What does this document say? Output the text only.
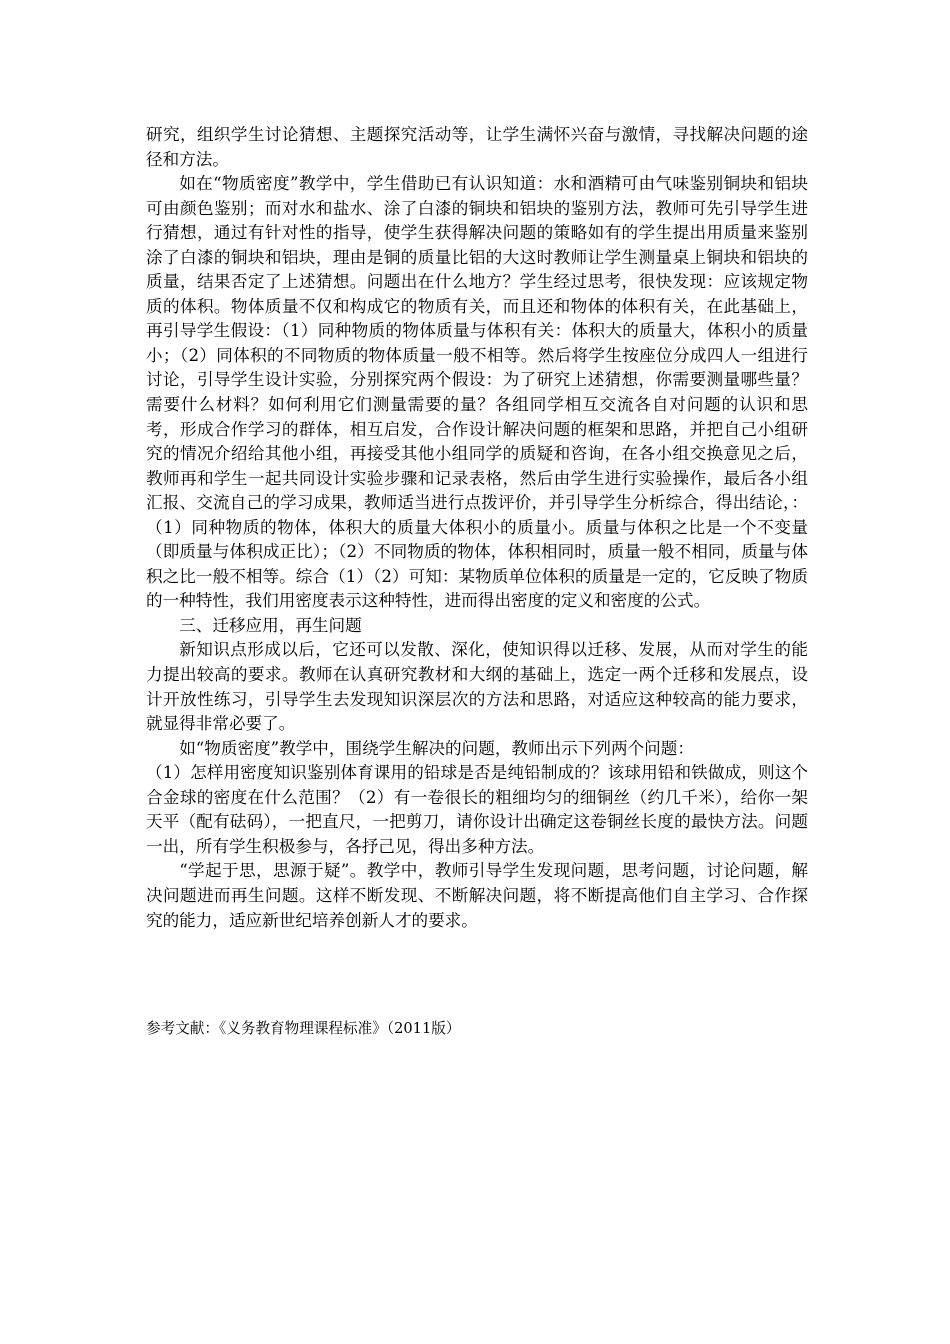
研究，组织学生讨论猜想、主题探究活动等，让学生满怀兴奋与激情，寻找解决问题的途径和方法。

如在“物质密度”教学中，学生借助已有认识知道：水和酒精可由气味鉴别铜块和铝块可由颜色鉴别；而对水和盐水、涂了白漆的铜块和铝块的鉴别方法，教师可先引导学生进行猜想，通过有针对性的指导，使学生获得解决问题的策略如有的学生提出用质量来鉴别涂了白漆的铜块和铝块，理由是铜的质量比铝的大这时教师让学生测量桌上铜块和铝块的质量，结果否定了上述猜想。问题出在什么地方？学生经过思考，很快发现：应该规定物质的体积。物体质量不仅和构成它的物质有关，而且还和物体的体积有关，在此基础上，再引导学生假设：（1）同种物质的物体质量与体积有关：体积大的质量大，体积小的质量小；（2）同体积的不同物质的物体质量一般不相等。然后将学生按座位分成四人一组进行讨论，引导学生设计实验，分别探究两个假设：为了研究上述猜想，你需要测量哪些量？需要什么材料？如何利用它们测量需要的量？各组同学相互交流各自对问题的认识和思考，形成合作学习的群体，相互启发，合作设计解决问题的框架和思路，并把自己小组研究的情况介绍给其他小组，再接受其他小组同学的质疑和咨询，在各小组交换意见之后，教师再和学生一起共同设计实验步骤和记录表格，然后由学生进行实验操作，最后各小组汇报、交流自己的学习成果，教师适当进行点拨评价，并引导学生分析综合，得出结论，：（1）同种物质的物体，体积大的质量大体积小的质量小。质量与体积之比是一个不变量（即质量与体积成正比）；（2）不同物质的物体，体积相同时，质量一般不相同，质量与体积之比一般不相等。综合（1）（2）可知：某物质单位体积的质量是一定的，它反映了物质的一种特性，我们用密度表示这种特性，进而得出密度的定义和密度的公式。

三、迁移应用，再生问题

新知识点形成以后，它还可以发散、深化，使知识得以迁移、发展，从而对学生的能力提出较高的要求。教师在认真研究教材和大纲的基础上，选定一两个迁移和发展点，设计开放性练习，引导学生去发现知识深层次的方法和思路，对适应这种较高的能力要求，就显得非常必要了。

如“物质密度”教学中，围绕学生解决的问题，教师出示下列两个问题：

（1）怎样用密度知识鉴别体育课用的铅球是否是纯铅制成的？该球用铅和铁做成，则这个合金球的密度在什么范围？（2）有一卷很长的粗细均匀的细铜丝（约几千米），给你一架天平（配有砝码），一把直尺，一把剪刀，请你设计出确定这卷铜丝长度的最快方法。问题一出，所有学生积极参与，各抒己见，得出多种方法。

“学起于思，思源于疑”。教学中，教师引导学生发现问题，思考问题，讨论问题，解决问题进而再生问题。这样不断发现、不断解决问题，将不断提高他们自主学习、合作探究的能力，适应新世纪培养创新人才的要求。

参考文献：《义务教育物理课程标准》（2011版）
